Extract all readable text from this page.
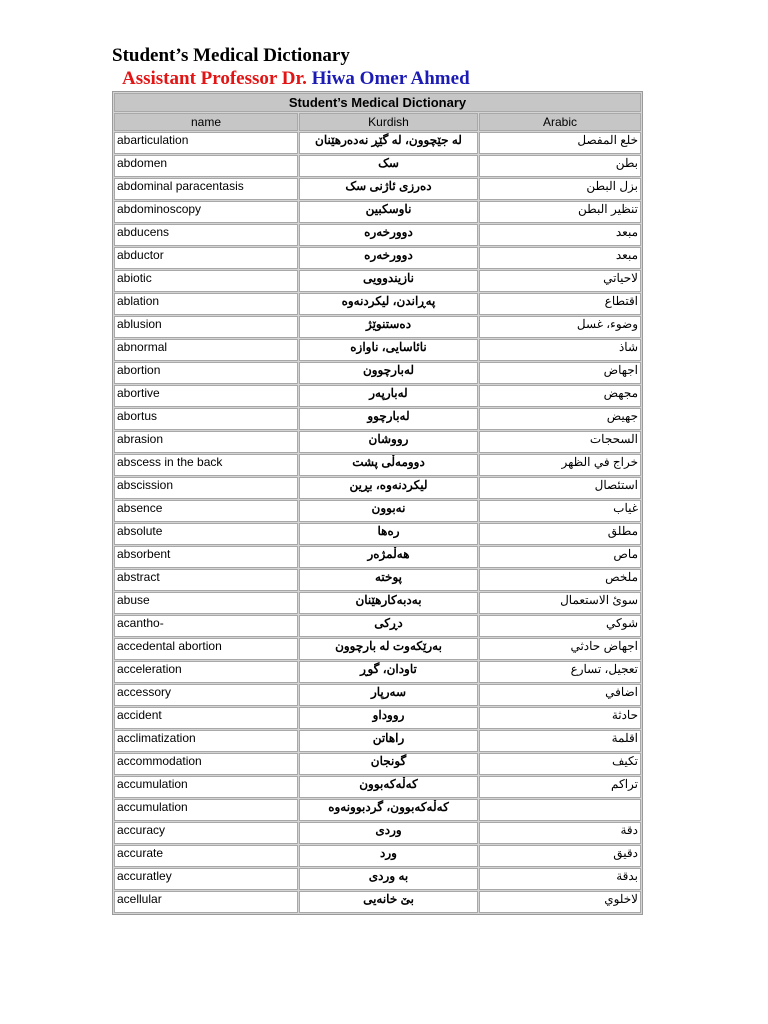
Student’s Medical Dictionary
Assistant Professor Dr. Hiwa Omer Ahmed
Student’s Medical Dictionary		
name	Kurdish	Arabic
abarticulation	لە جێچوون، لە گێڕ نەدەرهێنان	خلع المفصل
abdomen	سک	بطن
abdominal paracentasis	دەرزی ئاژنی سک	بزل البطن
abdominoscopy	ناوسکبین	تنظير البطن
abducens	دوورخەرە	مبعد
abductor	دوورخەرە	مبعد
abiotic	نازیندوویی	لاحياتي
ablation	پەڕاندن، لیکردنەوە	اقتطاع
ablusion	دەستنوێژ	وضوء، غسل
abnormal	نائاسایی، ناوازە	شاذ
abortion	لەبارچوون	اجهاض
abortive	لەبارپەر	مجهض
abortus	لەبارچوو	جهيض
abrasion	رووشان	السحجات
abscess in the back	دوومەڵی پشت	خراج في الظهر
abscission	لیکردنەوە، بڕین	استئصال
absence	نەبوون	غياب
absolute	رەها	مطلق
absorbent	هەڵمژەر	ماص
abstract	پوختە	ملخص
abuse	بەدبەکارهێنان	سوئ الاستعمال
acantho-	دڕکی	شوكي
accedental abortion	بەرێکەوت لە بارچوون	اجهاض حادثي
acceleration	تاودان، گوڕ	تعجيل، تسارع
accessory	سەرپار	اضافي
accident	رووداو	حادثة
acclimatization	راهاتن	اقلمة
accommodation	گونجان	تكيف
accumulation	کەڵەکەبوون	تراكم
accumulation	کەڵەکەبوون، گردبوونەوە	
accuracy	وردی	دقة
accurate	ورد	دقيق
accuratley	بە وردی	بدقة
acellular	بێ خانەیی	لاخلوي
